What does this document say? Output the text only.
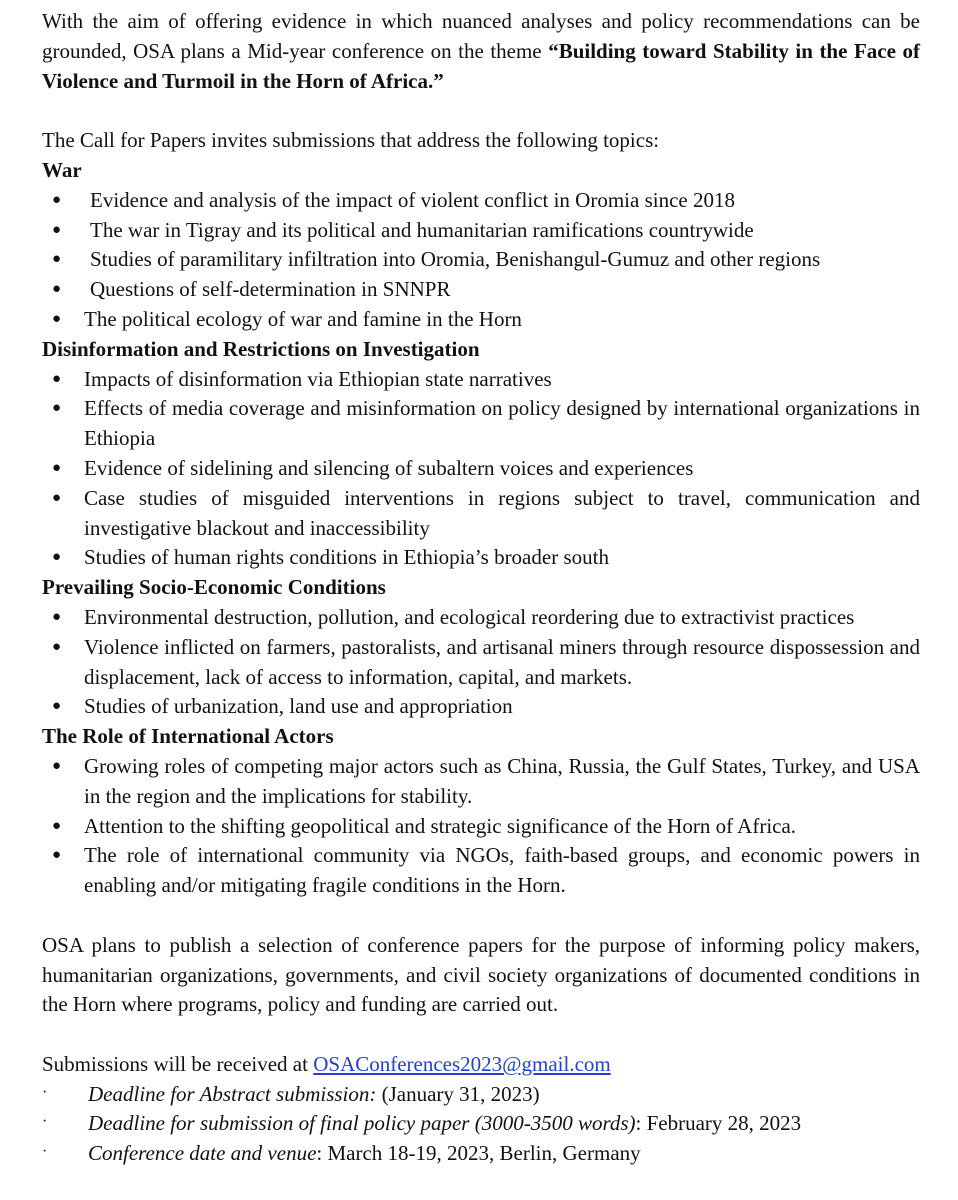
With the aim of offering evidence in which nuanced analyses and policy recommendations can be grounded, OSA plans a Mid-year conference on the theme “Building toward Stability in the Face of Violence and Turmoil in the Horn of Africa.”

The Call for Papers invites submissions that address the following topics:

War

● Evidence and analysis of the impact of violent conflict in Oromia since 2018
● The war in Tigray and its political and humanitarian ramifications countrywide
● Studies of paramilitary infiltration into Oromia, Benishangul-Gumuz and other regions
● Questions of self-determination in SNNPR
● The political ecology of war and famine in the Horn

Disinformation and Restrictions on Investigation

● Impacts of disinformation via Ethiopian state narratives
● Effects of media coverage and misinformation on policy designed by international organizations in Ethiopia
● Evidence of sidelining and silencing of subaltern voices and experiences
● Case studies of misguided interventions in regions subject to travel, communication and investigative blackout and inaccessibility
● Studies of human rights conditions in Ethiopia’s broader south

Prevailing Socio-Economic Conditions

● Environmental destruction, pollution, and ecological reordering due to extractivist practices
● Violence inflicted on farmers, pastoralists, and artisanal miners through resource dispossession and displacement, lack of access to information, capital, and markets.
● Studies of urbanization, land use and appropriation

The Role of International Actors

● Growing roles of competing major actors such as China, Russia, the Gulf States, Turkey, and USA in the region and the implications for stability.
● Attention to the shifting geopolitical and strategic significance of the Horn of Africa.
● The role of international community via NGOs, faith-based groups, and economic powers in enabling and/or mitigating fragile conditions in the Horn.

OSA plans to publish a selection of conference papers for the purpose of informing policy makers, humanitarian organizations, governments, and civil society organizations of documented conditions in the Horn where programs, policy and funding are carried out.

Submissions will be received at OSAConferences2023@gmail.com

· Deadline for Abstract submission: (January 31, 2023)
· Deadline for submission of final policy paper (3000-3500 words): February 28, 2023
· Conference date and venue: March 18-19, 2023, Berlin, Germany
